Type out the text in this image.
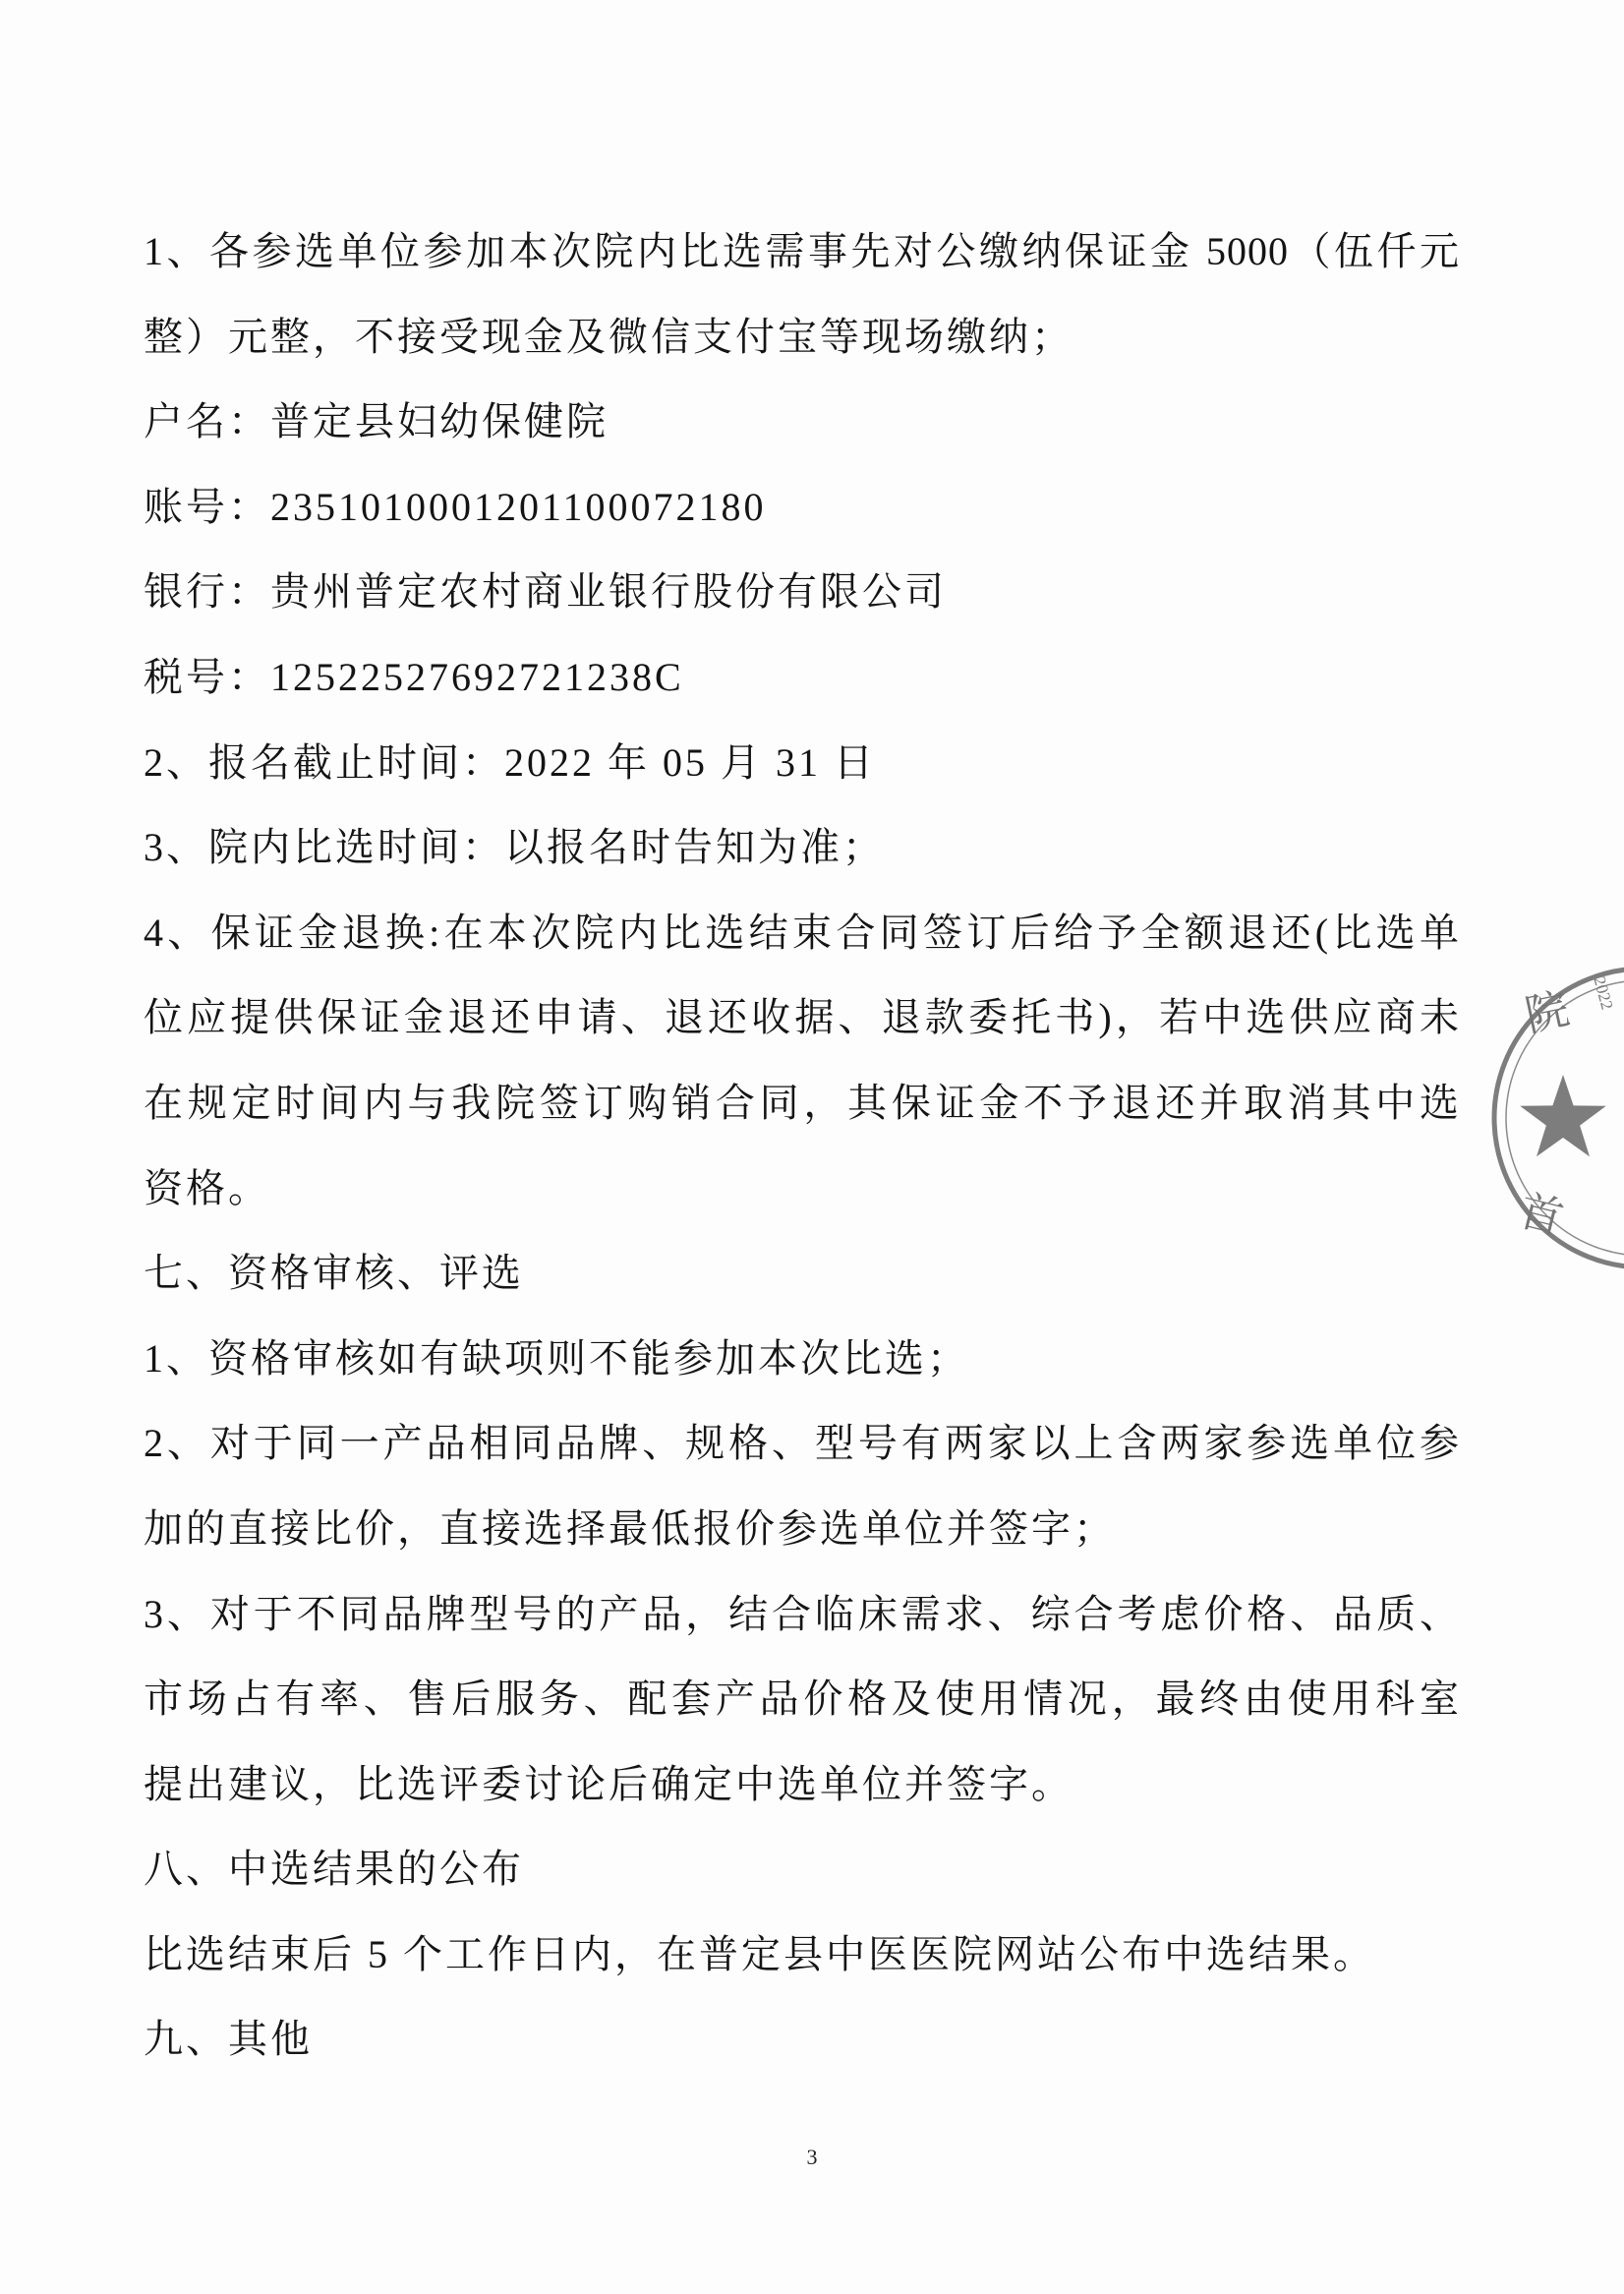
1、各参选单位参加本次院内比选需事先对公缴纳保证金 5000（伍仟元
整）元整，不接受现金及微信支付宝等现场缴纳；
户名：普定县妇幼保健院
账号：2351010001201100072180
银行：贵州普定农村商业银行股份有限公司
税号：12522527692721238C
2、报名截止时间：2022 年 05 月 31 日
3、院内比选时间：以报名时告知为准；
4、保证金退换:在本次院内比选结束合同签订后给予全额退还(比选单
位应提供保证金退还申请、退还收据、退款委托书)，若中选供应商未
在规定时间内与我院签订购销合同，其保证金不予退还并取消其中选
资格。
七、资格审核、评选
1、资格审核如有缺项则不能参加本次比选；
2、对于同一产品相同品牌、规格、型号有两家以上含两家参选单位参
加的直接比价，直接选择最低报价参选单位并签字；
3、对于不同品牌型号的产品，结合临床需求、综合考虑价格、品质、
市场占有率、售后服务、配套产品价格及使用情况，最终由使用科室
提出建议，比选评委讨论后确定中选单位并签字。
八、中选结果的公布
比选结束后 5 个工作日内，在普定县中医医院网站公布中选结果。
九、其他
3
院
首
2022
